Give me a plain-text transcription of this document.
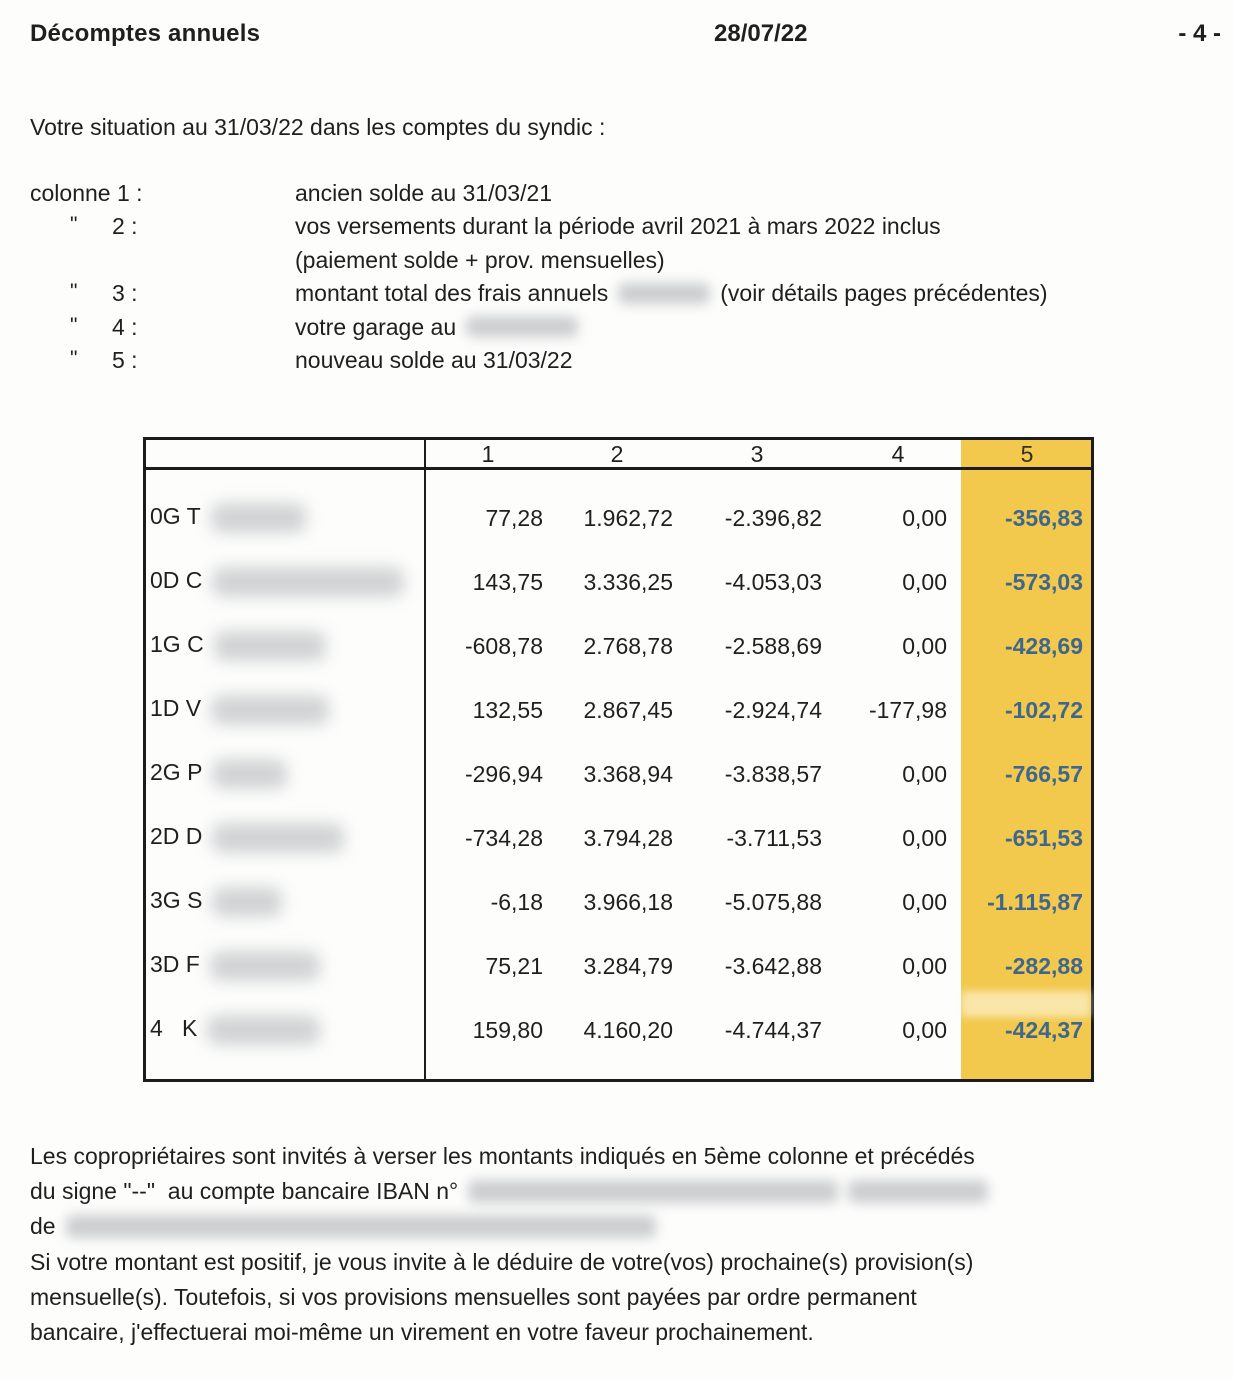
Décomptes annuels	28/07/22	- 4 -
Votre situation au 31/03/22 dans les comptes du syndic :
colonne 1 :	ancien solde au 31/03/21
" 2 :	vos versements durant la période avril 2021 à mars 2022 inclus
(paiement solde + prov. mensuelles)
" 3 :	montant total des frais annuels	(voir détails pages précédentes)
" 4 :	votre garage au
" 5 :	nouveau solde au 31/03/22
1	2	3	4	5
0G T	77,28	1.962,72	-2.396,82	0,00	-356,83
0D C	143,75	3.336,25	-4.053,03	0,00	-573,03
1G C	-608,78	2.768,78	-2.588,69	0,00	-428,69
1D V	132,55	2.867,45	-2.924,74	-177,98	-102,72
2G P	-296,94	3.368,94	-3.838,57	0,00	-766,57
2D D	-734,28	3.794,28	-3.711,53	0,00	-651,53
3G S	-6,18	3.966,18	-5.075,88	0,00	-1.115,87
3D F	75,21	3.284,79	-3.642,88	0,00	-282,88
4   K	159,80	4.160,20	-4.744,37	0,00	-424,37
Les copropriétaires sont invités à verser les montants indiqués en 5ème colonne et précédés
du signe "--"  au compte bancaire IBAN n°
de
Si votre montant est positif, je vous invite à le déduire de votre(vos) prochaine(s) provision(s)
mensuelle(s). Toutefois, si vos provisions mensuelles sont payées par ordre permanent
bancaire, j'effectuerai moi-même un virement en votre faveur prochainement.
